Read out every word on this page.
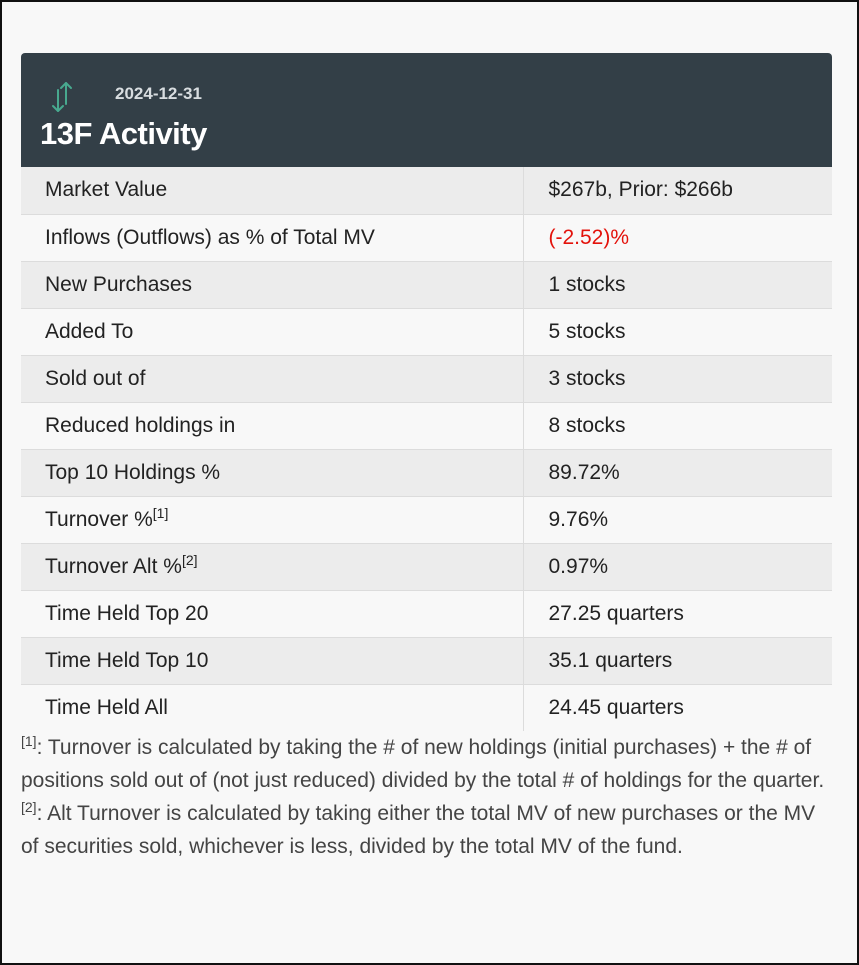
2024-12-31
13F Activity
Market Value	$267b, Prior: $266b
Inflows (Outflows) as % of Total MV	(-2.52)%
New Purchases	1 stocks
Added To	5 stocks
Sold out of	3 stocks
Reduced holdings in	8 stocks
Top 10 Holdings %	89.72%
Turnover %[1]	9.76%
Turnover Alt %[2]	0.97%
Time Held Top 20	27.25 quarters
Time Held Top 10	35.1 quarters
Time Held All	24.45 quarters

[1]: Turnover is calculated by taking the # of new holdings (initial purchases) + the # of positions sold out of (not just reduced) divided by the total # of holdings for the quarter.

[2]: Alt Turnover is calculated by taking either the total MV of new purchases or the MV of securities sold, whichever is less, divided by the total MV of the fund.
